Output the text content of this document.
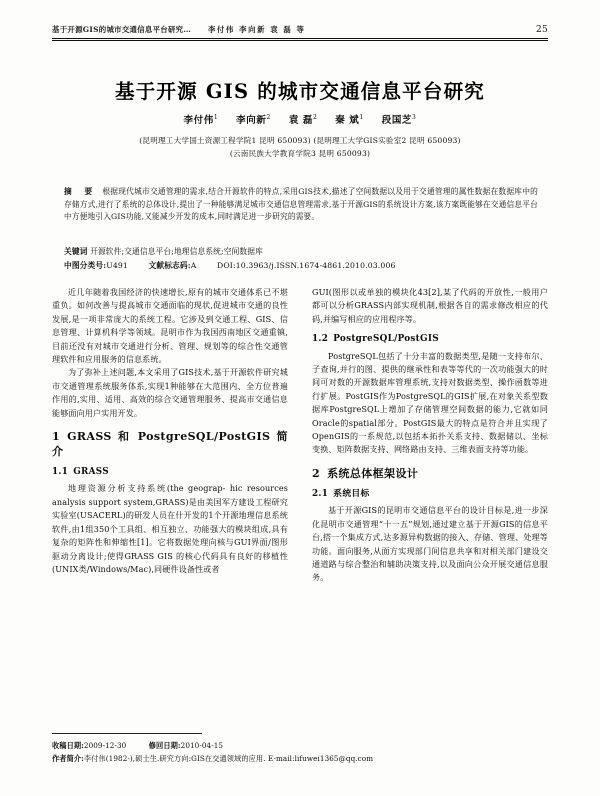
基于开源GIS的城市交通信息平台研究… 李付伟 李向新 袁 磊 等	25
基于开源 GIS 的城市交通信息平台研究
李付伟$^1$ 李向新$^2$ 袁 磊$^2$ 秦 斌$^1$ 段国芝$^3$
(昆明理工大学国土资源工程学院1 昆明 650093) (昆明理工大学GIS实验室2 昆明 650093)
(云南民族大学教育学院3 昆明 650093)
摘 要 根据现代城市交通管理的需求,结合开源软件的特点,采用GIS技术,描述了空间数据以及用于交通管理的属性数据在数据库中的存储方式,进行了系统的总体设计,提出了一种能够满足城市交通信息管理需求,基于开源GIS的系统设计方案,该方案既能够在交通信息平台中方便地引入GIS功能,又能减少开发的成本,同时满足进一步研究的需要。
关键词 开源软件;交通信息平台;地理信息系统;空间数据库
中图分类号:U491	文献标志码:A	DOI:10.3963/j.ISSN.1674-4861.2010.03.006

近几年随着我国经济的快速增长,原有的城市交通体系已不堪重负。如何改善与提高城市交通面临的现状,促进城市交通的良性发展,是一项非常庞大的系统工程。它涉及到交通工程、GIS、信息管理、计算机科学等领域。昆明市作为我国西南地区交通重镇,目前还没有对城市交通进行分析、管理、规划等的综合性交通管理软件和应用服务的信息系统。

为了弥补上述问题,本文采用了GIS技术,基于开源软件研究城市交通管理系统服务体系,实现1种能够在大范围内、全方位普遍作用的,实用、适用、高效的综合交通管理服务、提高市交通信息能够面向用户实用开发。

1 GRASS 和 PostgreSQL/PostGIS 简介
1.1 GRASS

地理资源分析支持系统(the geograp- hic resources analysis support system,GRASS)是由美国军方建设工程研究实验室(USACERL)的研发人员在什开发的1个开源地理信息系统软件,由1组350个工具组、相互独立、功能强大的模块组成,具有复杂的矩阵性和伸缩性[1]。它将数据处理向核与GUI界面/图形驱动分离设计;使得GRASS GIS 的核心代码具有良好的移植性(UNIX类/Windows/Mac),同硬件设备性或者

GUI(图形以或单独的模块化43[2],某了代码的开放性,一般用户都可以分析GRASS内部实现机制,根据各自的需求修改相应的代码,并编写相应的应用程序等。

1.2 PostgreSQL/PostGIS

PostgreSQL包括了十分丰富的数据类型,是随一支持布尔、子查询,并行的图、提供的继承性和表等等代的一次功能强大的时间可对数的开源数据库管理系统,支持对数据类型、操作函数等进行扩展。PostGIS作为PostgreSQL的GIS扩展,在对象关系型数据库PostgreSQL上增加了存储管理空间数据的能力,它就如同Oracle的spatial部分。PostGIS最大的特点是符合并且实现了OpenGIS的一系规范,以包括本拓扑关系支持、数据储以、坐标变换、矩阵数据支持、网络路由支持、三维表面支持等功能。

2 系统总体框架设计
2.1 系统目标

基于开源GIS的昆明市交通信息平台的设计目标是,进一步深化昆明市交通管理“十一五”规划,通过建立基于开源GIS的信息平台,搭一个集成方式,达多源异构数据的接入、存储、管理、处理等功能。面向服务,从面方实现部门间信息共享和对相关部门建设交通道路与综合整治和辅助决策支持,以及面向公众开展交通信息服务。

收稿日期:2009-12-30	修回日期:2010-04-15
作者简介:李付伟(1982-),硕士生.研究方向:GIS在交通领域的应用. E-mail:lifuwei1365@qq.com
